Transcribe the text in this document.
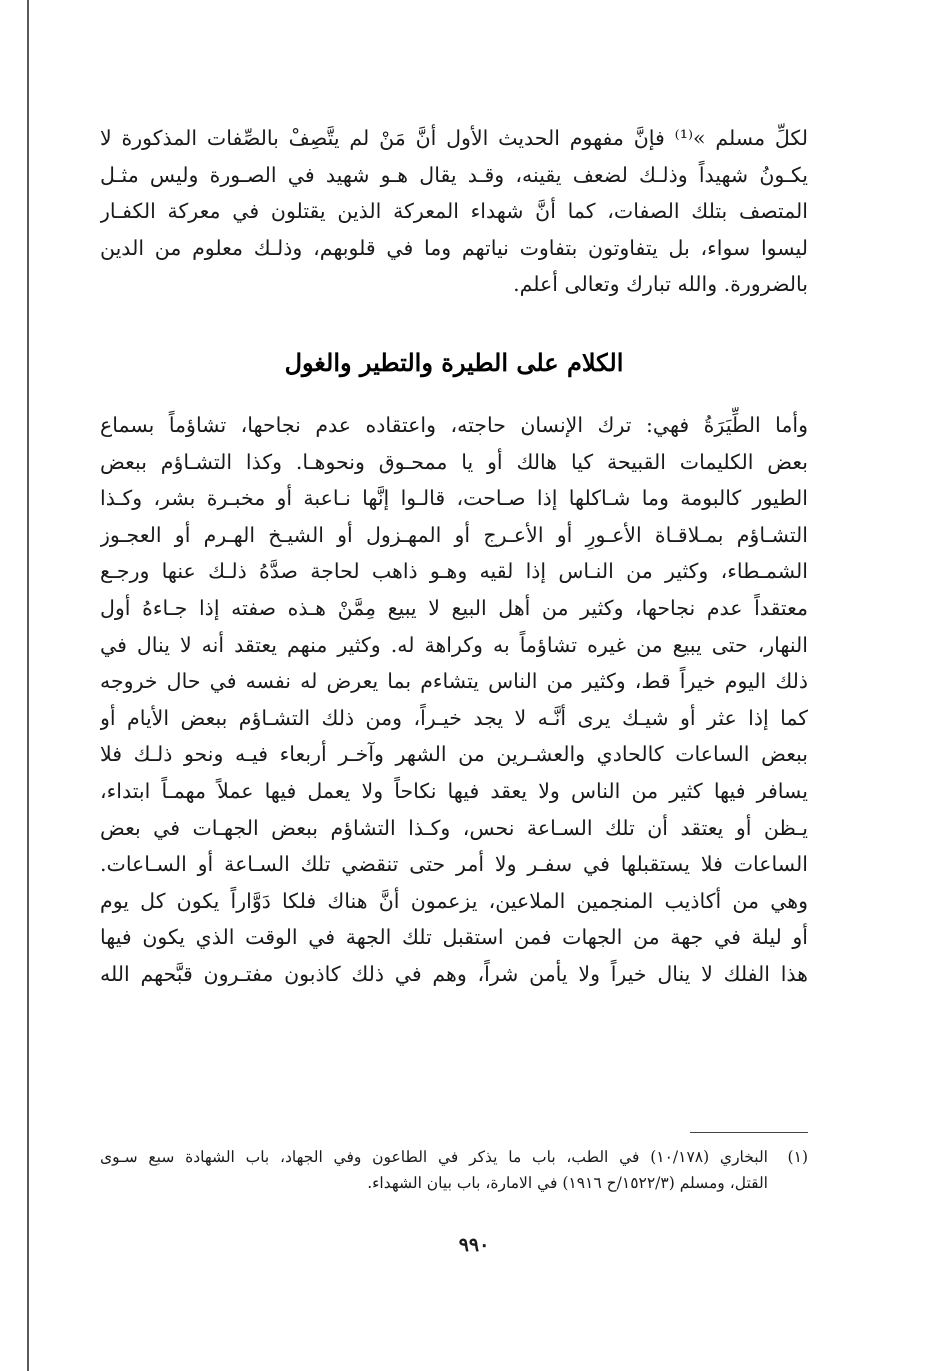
لكلِّ مسلم »⁽¹⁾ فإنَّ مفهوم الحديث الأول أنَّ مَنْ لم يتَّصِفْ بالصِّفات المذكورة لا
يكـونُ شهيداً وذلـك لضعف يقينه، وقـد يقال هـو شهيد في الصـورة وليس مثـل
المتصف بتلك الصفات، كما أنَّ شهداء المعركة الذين يقتلون في معركة الكفـار
ليسوا سواء، بل يتفاوتون بتفاوت نياتهم وما في قلوبهم، وذلـك معلوم من الدين
بالضرورة. والله تبارك وتعالى أعلم.
الكلام على الطيرة والتطير والغول
وأما الطِّيَرَةُ فهي: ترك الإنسان حاجته، واعتقاده عدم نجاحها، تشاؤماً بسماع
بعض الكليمات القبيحة كيا هالك أو يا ممحـوق ونحوهـا. وكذا التشـاؤم ببعض
الطيور كالبومة وما شـاكلها إذا صـاحت، قالـوا إنَّها نـاعبة أو مخبـرة بشر، وكـذا
التشـاؤم بمـلاقـاة الأعـورِ أو الأعـرج أو المهـزول أو الشيـخ الهـرم أو العجـوز
الشمـطاء، وكثير من النـاس إذا لقيه وهـو ذاهب لحاجة صدَّهُ ذلـك عنها ورجـع
معتقداً عدم نجاحها، وكثير من أهل البيع لا يبيع مِمَّنْ هـذه صفته إذا جـاءهُ أول
النهار، حتى يبيع من غيره تشاؤماً به وكراهة له. وكثير منهم يعتقد أنه لا ينال في
ذلك اليوم خيراً قط، وكثير من الناس يتشاءم بما يعرض له نفسه في حال خروجه
كما إذا عثر أو شيـك يرى أنَّـه لا يجد خيـراً، ومن ذلك التشـاؤم ببعض الأيام أو
ببعض الساعات كالحادي والعشـرين من الشهر وآخـر أربعاء فيـه ونحو ذلـك فلا
يسافر فيها كثير من الناس ولا يعقد فيها نكاحاً ولا يعمل فيها عملاً مهمـاً ابتداء،
يـظن أو يعتقد أن تلك السـاعة نحس، وكـذا التشاؤم ببعض الجهـات في بعض
الساعات فلا يستقبلها في سفـر ولا أمر حتى تنقضي تلك السـاعة أو السـاعات.
وهي من أكاذيب المنجمين الملاعين، يزعمون أنَّ هناك فلكا دَوَّاراً يكون كل يوم
أو ليلة في جهة من الجهات فمن استقبل تلك الجهة في الوقت الذي يكون فيها
هذا الفلك لا ينال خيراً ولا يأمن شراً، وهم في ذلك كاذبون مفتـرون قبَّحهم الله
(١)
البخاري (١٠/١٧٨) في الطب، باب ما يذكر في الطاعون وفي الجهاد، باب الشهادة سبع سـوى
القتل، ومسلم (١٥٢٢/٣/ح ١٩١٦) في الامارة، باب بيان الشهداء.
٩٩٠
